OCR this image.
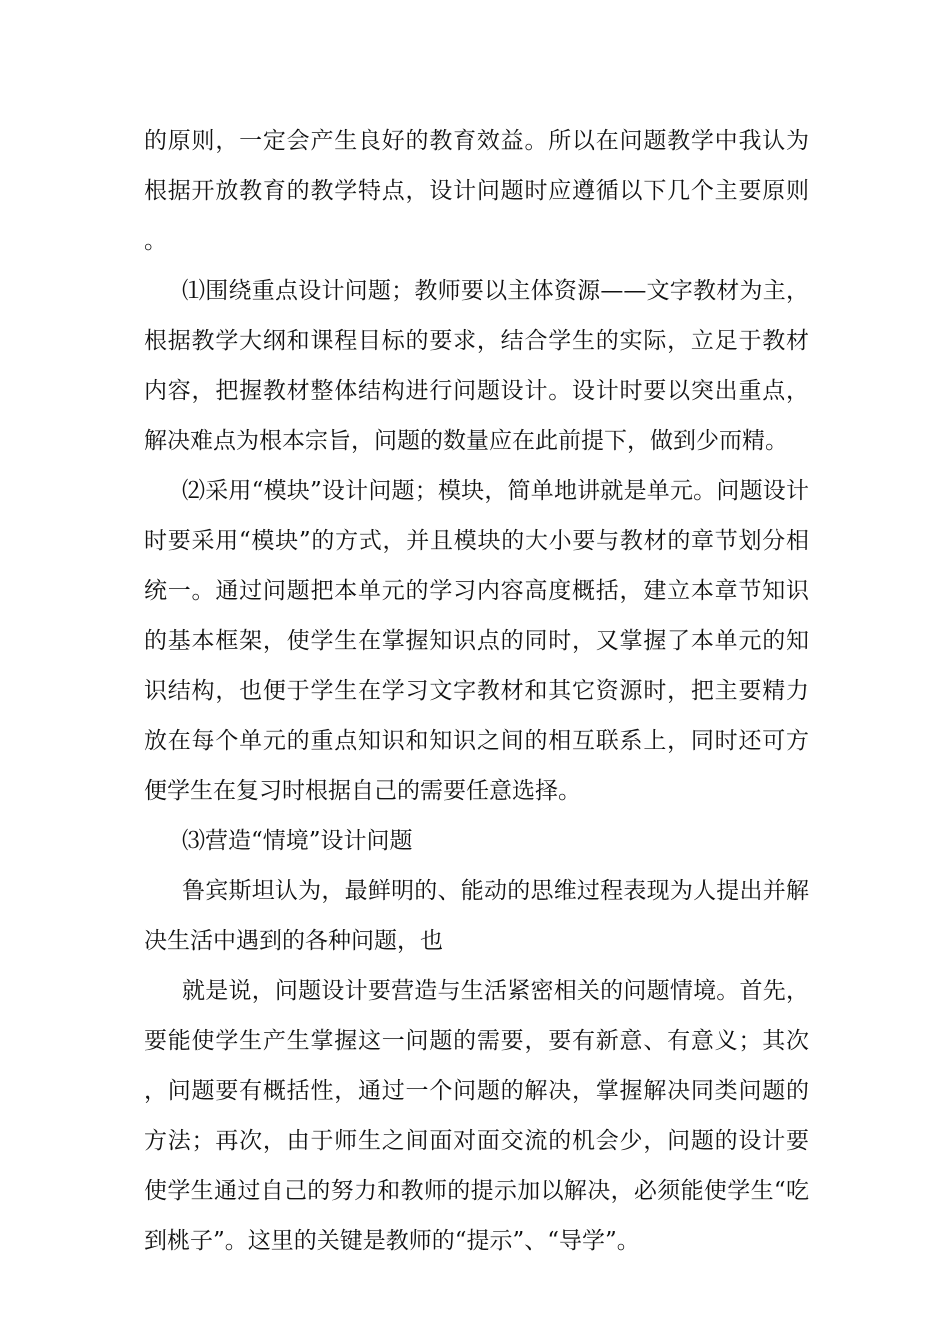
的原则，一定会产生良好的教育效益。所以在问题教学中我认为根据开放教育的教学特点，设计问题时应遵循以下几个主要原则。

⑴围绕重点设计问题；教师要以主体资源——文字教材为主，根据教学大纲和课程目标的要求，结合学生的实际，立足于教材内容，把握教材整体结构进行问题设计。设计时要以突出重点，解决难点为根本宗旨，问题的数量应在此前提下，做到少而精。

⑵采用“模块”设计问题；模块，简单地讲就是单元。问题设计时要采用“模块”的方式，并且模块的大小要与教材的章节划分相统一。通过问题把本单元的学习内容高度概括，建立本章节知识的基本框架，使学生在掌握知识点的同时，又掌握了本单元的知识结构，也便于学生在学习文字教材和其它资源时，把主要精力放在每个单元的重点知识和知识之间的相互联系上，同时还可方便学生在复习时根据自己的需要任意选择。

⑶营造“情境”设计问题

鲁宾斯坦认为，最鲜明的、能动的思维过程表现为人提出并解决生活中遇到的各种问题，也

就是说，问题设计要营造与生活紧密相关的问题情境。首先，要能使学生产生掌握这一问题的需要，要有新意、有意义；其次，问题要有概括性，通过一个问题的解决，掌握解决同类问题的方法；再次，由于师生之间面对面交流的机会少，问题的设计要使学生通过自己的努力和教师的提示加以解决，必须能使学生“吃到桃子”。这里的关键是教师的“提示”、“导学”。
